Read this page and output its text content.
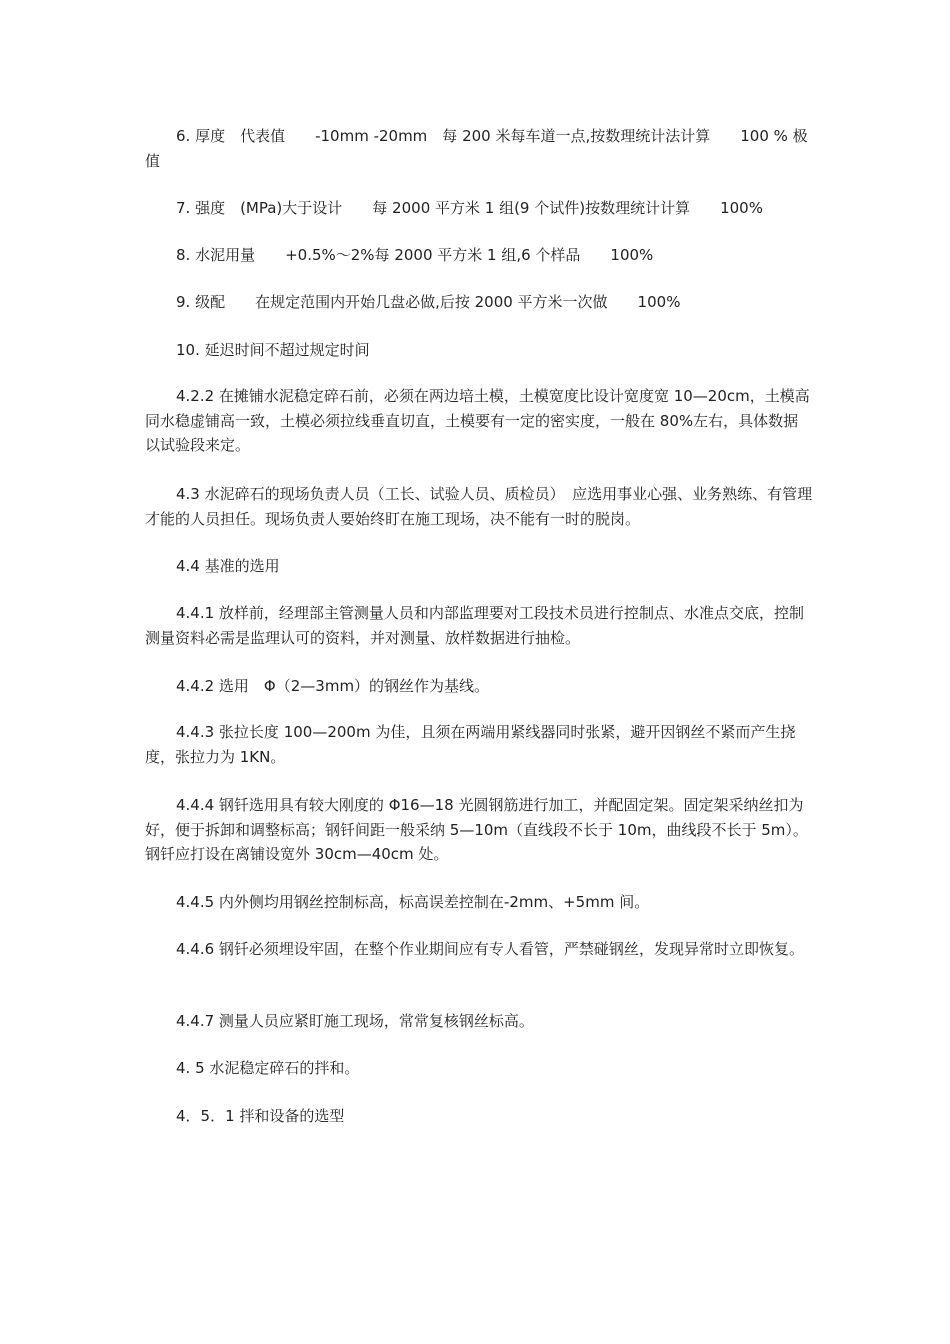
6. 厚度　代表值　　-10mm -20mm　每 200 米每车道一点,按数理统计法计算　　100 % 极值

7. 强度　(MPa)大于设计　　每 2000 平方米 1 组(9 个试件)按数理统计计算　　100%

8. 水泥用量　　+0.5%～2%每 2000 平方米 1 组,6 个样品　　100%

9. 级配　　在规定范围内开始几盘必做,后按 2000 平方米一次做　　100%

10. 延迟时间不超过规定时间

4.2.2 在摊铺水泥稳定碎石前，必须在两边培土模，土模宽度比设计宽度宽 10—20cm，土模高同水稳虚铺高一致，土模必须拉线垂直切直，土模要有一定的密实度，一般在 80%左右，具体数据以试验段来定。

4.3 水泥碎石的现场负责人员（工长、试验人员、质检员）　应选用事业心强、业务熟练、有管理才能的人员担任。现场负责人要始终盯在施工现场，决不能有一时的脱岗。

4.4 基准的选用

4.4.1 放样前，经理部主管测量人员和内部监理要对工段技术员进行控制点、水准点交底，控制测量资料必需是监理认可的资料，并对测量、放样数据进行抽检。

4.4.2 选用　Φ（2—3mm）的钢丝作为基线。

4.4.3 张拉长度 100—200m 为佳，且须在两端用紧线器同时张紧，避开因钢丝不紧而产生挠度，张拉力为 1KN。

4.4.4 钢钎选用具有较大刚度的 Φ16—18 光圆钢筋进行加工，并配固定架。固定架采纳丝扣为好，便于拆卸和调整标高；钢钎间距一般采纳 5—10m（直线段不长于 10m，曲线段不长于 5m）。钢钎应打设在离铺设宽外 30cm—40cm 处。

4.4.5 内外侧均用钢丝控制标高，标高误差控制在-2mm、+5mm 间。

4.4.6 钢钎必须埋设牢固，在整个作业期间应有专人看管，严禁碰钢丝，发现异常时立即恢复。

4.4.7 测量人员应紧盯施工现场，常常复核钢丝标高。

4. 5 水泥稳定碎石的拌和。

4．5．1 拌和设备的选型
